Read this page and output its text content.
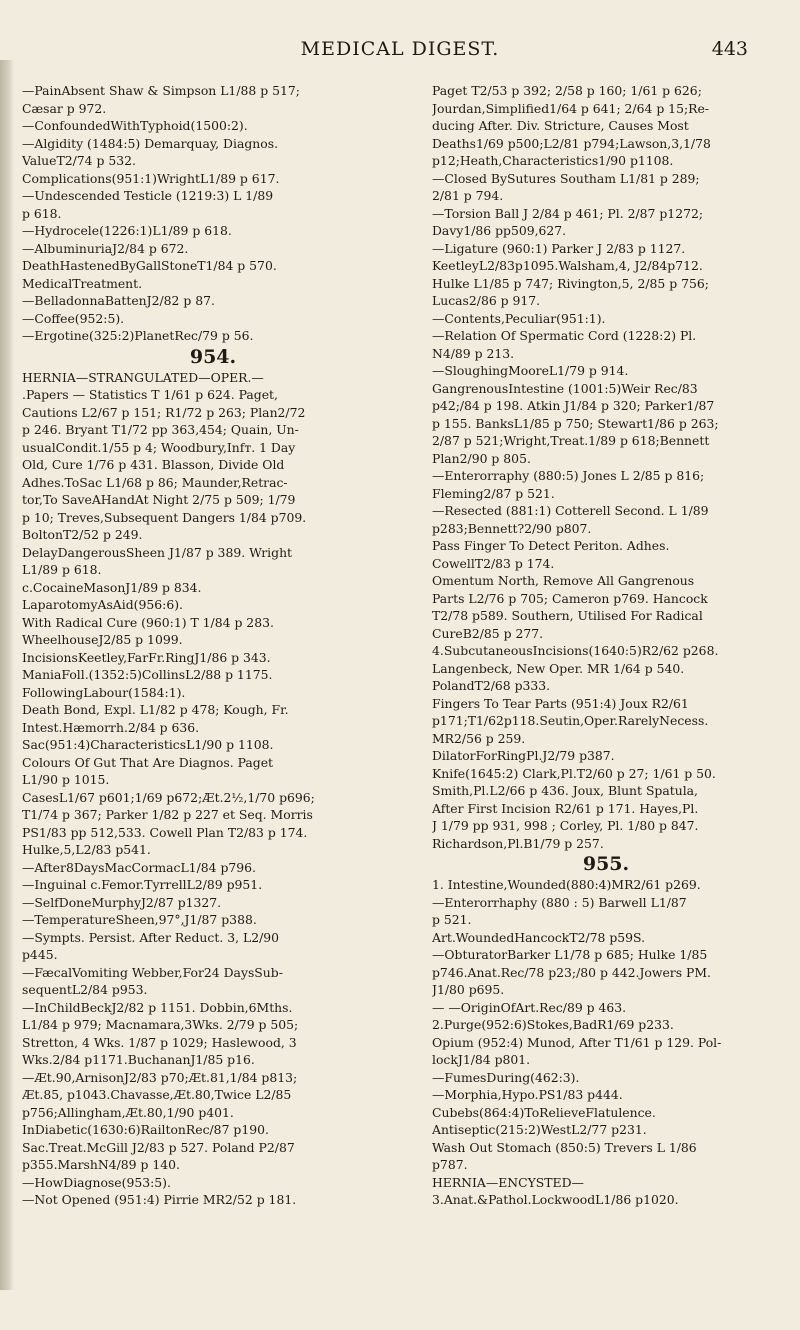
MEDICAL DIGEST.	443
—PainAbsent Shaw & Simpson L1/88 p 517;
Cæsar p 972.
—ConfoundedWithTyphoid(1500:2).
—Algidity (1484:5) Demarquay, Diagnos.
ValueT2/74 p 532.
Complications(951:1)WrightL1/89 p 617.
—Undescended Testicle (1219:3) L 1/89
p 618.
—Hydrocele(1226:1)L1/89 p 618.
—AlbuminuriaJ2/84 p 672.
DeathHastenedByGallStoneT1/84 p 570.
MedicalTreatment.
—BelladonnaBattenJ2/82 p 87.
—Coffee(952:5).
—Ergotine(325:2)PlanetRec/79 p 56.
954.
HERNIA—STRANGULATED—OPER.—
.Papers — Statistics T 1/61 p 624. Paget,
Cautions L2/67 p 151; R1/72 p 263; Plan2/72
p 246. Bryant T1/72 pp 363,454; Quain, Un-
usualCondit.1/55 p 4; Woodbury,Infт. 1 Day
Old, Cure 1/76 p 431. Blasson, Divide Old
Adhes.ToSac L1/68 p 86; Maunder,Retrac-
tor,To SaveAHandAt Night 2/75 p 509; 1/79
p 10; Treves,Subsequent Dangers 1/84 p709.
BoltonT2/52 p 249.
DelayDangerousSheen J1/87 p 389. Wright
L1/89 p 618.
c.CocaineMasonJ1/89 p 834.
LaparotomyAsAid(956:6).
With Radical Cure (960:1) T 1/84 p 283.
WheelhouseJ2/85 p 1099.
IncisionsKeetley,FarFr.RingJ1/86 p 343.
ManiaFoll.(1352:5)CollinsL2/88 p 1175.
FollowingLabour(1584:1).
Death Bond, Expl. L1/82 p 478; Kough, Fr.
Intest.Hæmorrh.2/84 p 636.
Sac(951:4)CharacteristicsL1/90 p 1108.
Colours Of Gut That Are Diagnos. Paget
L1/90 p 1015.
CasesL1/67 p601;1/69 p672;Æt.2½,1/70 p696;
T1/74 p 367; Parker 1/82 p 227 et Seq. Morris
PS1/83 pp 512,533. Cowell Plan T2/83 p 174.
Hulke,5,L2/83 p541.
—After8DaysMacCormacL1/84 p796.
—Inguinal c.Femor.TyrrellL2/89 p951.
—SelfDoneMurphyJ2/87 p1327.
—TemperatureSheen,97°,J1/87 p388.
—Sympts. Persist. After Reduct. 3, L2/90
p445.
—FæcalVomiting Webber,For24 DaysSub-
sequentL2/84 p953.
—InChildBeckJ2/82 p 1151. Dobbin,6Mths.
L1/84 p 979; Macnamara,3Wks. 2/79 p 505;
Stretton, 4 Wks. 1/87 p 1029; Haslewood, 3
Wks.2/84 p1171.BuchananJ1/85 p16.
—Æt.90,ArnisonJ2/83 p70;Æt.81,1/84 p813;
Æt.85, p1043.Chavasse,Æt.80,Twice L2/85
p756;Allingham,Æt.80,1/90 p401.
InDiabetic(1630:6)RailtonRec/87 p190.
Sac.Treat.McGill J2/83 p 527. Poland P2/87
p355.MarshN4/89 p 140.
—HowDiagnose(953:5).
—Not Opened (951:4) Pirrie MR2/52 p 181.
Paget T2/53 p 392; 2/58 p 160; 1/61 p 626;
Jourdan,Simplified1/64 p 641; 2/64 p 15;Re-
ducing After. Div. Stricture, Causes Most
Deaths1/69 p500;L2/81 p794;Lawson,3,1/78
p12;Heath,Characteristics1/90 p1108.
—Closed BySutures Southam L1/81 p 289;
2/81 p 794.
—Torsion Ball J 2/84 p 461; Pl. 2/87 p1272;
Davy1/86 pp509,627.
—Ligature (960:1) Parker J 2/83 p 1127.
KeetleyL2/83p1095.Walsham,4, J2/84p712.
Hulke L1/85 p 747; Rivington,5, 2/85 p 756;
Lucas2/86 p 917.
—Contents,Peculiar(951:1).
—Relation Of Spermatic Cord (1228:2) Pl.
N4/89 p 213.
—SloughingMooreL1/79 p 914.
GangrenousIntestine (1001:5)Weir Rec/83
p42;/84 p 198. Atkin J1/84 p 320; Parker1/87
p 155. BanksL1/85 p 750; Stewart1/86 p 263;
2/87 p 521;Wright,Treat.1/89 p 618;Bennett
Plan2/90 p 805.
—Enterorraphy (880:5) Jones L 2/85 p 816;
Fleming2/87 p 521.
—Resected (881:1) Cotterell Second. L 1/89
p283;Bennett?2/90 p807.
Pass Finger To Detect Periton. Adhes.
CowellT2/83 p 174.
Omentum North, Remove All Gangrenous
Parts L2/76 p 705; Cameron p769. Hancock
T2/78 p589. Southern, Utilised For Radical
CureB2/85 p 277.
4.SubcutaneousIncisions(1640:5)R2/62 p268.
Langenbeck, New Oper. MR 1/64 p 540.
PolandT2/68 p333.
Fingers To Tear Parts (951:4) Joux R2/61
p171;T1/62p118.Seutin,Oper.RarelyNecess.
MR2/56 p 259.
DilatorForRingPl.J2/79 p387.
Knife(1645:2) Clark,Pl.T2/60 p 27; 1/61 p 50.
Smith,Pl.L2/66 p 436. Joux, Blunt Spatula,
After First Incision R2/61 p 171. Hayes,Pl.
J 1/79 pp 931, 998 ; Corley, Pl. 1/80 p 847.
Richardson,Pl.B1/79 p 257.
955.
1. Intestine,Wounded(880:4)MR2/61 p269.
—Enterorrhaphy (880 : 5) Barwell L1/87
p 521.
Art.WoundedHancockT2/78 p59S.
—ObturatorBarker L1/78 p 685; Hulke 1/85
p746.Anat.Rec/78 p23;/80 p 442.Jowers PM.
J1/80 p695.
— —OriginOfArt.Rec/89 p 463.
2.Purge(952:6)Stokes,BadR1/69 p233.
Opium (952:4) Munod, After T1/61 p 129. Pol-
lockJ1/84 p801.
—FumesDuring(462:3).
—Morphia,Hypo.PS1/83 p444.
Cubebs(864:4)ToRelieveFlatulence.
Antiseptic(215:2)WestL2/77 p231.
Wash Out Stomach (850:5) Trevers L 1/86
p787.
HERNIA—ENCYSTED—
3.Anat.&Pathol.LockwoodL1/86 p1020.
